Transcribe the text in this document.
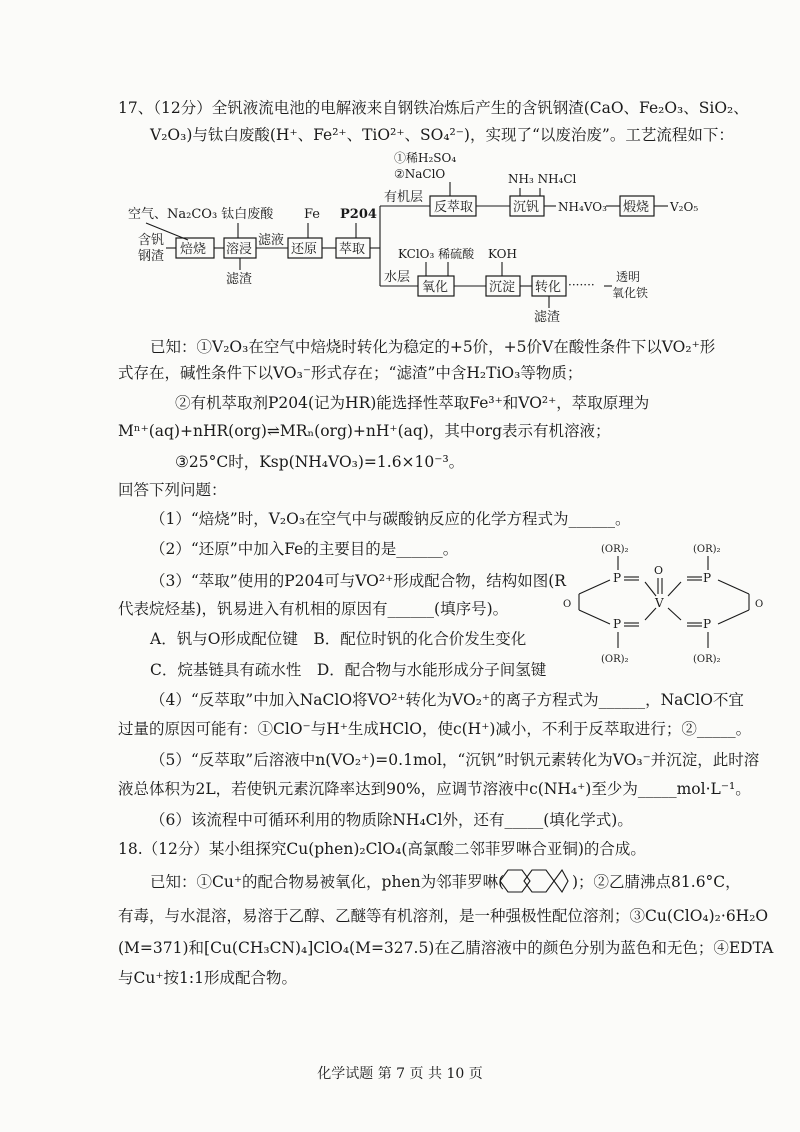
17、（12分）全钒液流电池的电解液来自钢铁冶炼后产生的含钒钢渣(CaO、Fe₂O₃、SiO₂、
V₂O₃)与钛白废酸(H⁺、Fe²⁺、TiO²⁺、SO₄²⁻)，实现了“以废治废”。工艺流程如下：
空气、Na₂CO₃ 钛白废酸 Fe P204
含钒
钢渣 焙烧 溶浸
滤液
还原 萃取
滤渣
有机层
水层
①稀H₂SO₄
②NaClO
反萃取
NH₃ NH₄Cl
沉钒 NH₄VO₃ 煅烧 V₂O₅
KClO₃ 稀硫酸
氧化
KOH
沉淀 转化 ·······
透明
氧化铁
滤渣
已知：①V₂O₃在空气中焙烧时转化为稳定的+5价，+5价V在酸性条件下以VO₂⁺形
式存在，碱性条件下以VO₃⁻形式存在；“滤渣”中含H₂TiO₃等物质；
②有机萃取剂P204(记为HR)能选择性萃取Fe³⁺和VO²⁺，萃取原理为
Mⁿ⁺(aq)+nHR(org)⇌MRₙ(org)+nH⁺(aq)，其中org表示有机溶液；
③25°C时，Ksp(NH₄VO₃)=1.6×10⁻³。
回答下列问题：
（1）“焙烧”时，V₂O₃在空气中与碳酸钠反应的化学方程式为______。
（2）“还原”中加入Fe的主要目的是______。
（3）“萃取”使用的P204可与VO²⁺形成配合物，结构如图(R
代表烷烃基)，钒易进入有机相的原因有______(填序号)。
A．钒与O形成配位键　B．配位时钒的化合价发生变化
C．烷基链具有疏水性　D．配合物与水能形成分子间氢键
(OR)₂	(OR)₂
(OR)₂	(OR)₂
P	P
P	P
V
O
O	O
（4）“反萃取”中加入NaClO将VO²⁺转化为VO₂⁺的离子方程式为______，NaClO不宜
过量的原因可能有：①ClO⁻与H⁺生成HClO，使c(H⁺)减小，不利于反萃取进行；②_____。
（5）“反萃取”后溶液中n(VO₂⁺)=0.1mol，“沉钒”时钒元素转化为VO₃⁻并沉淀，此时溶
液总体积为2L，若使钒元素沉降率达到90%，应调节溶液中c(NH₄⁺)至少为_____mol·L⁻¹。
（6）该流程中可循环利用的物质除NH₄Cl外，还有_____(填化学式)。
18.（12分）某小组探究Cu(phen)₂ClO₄(高氯酸二邻菲罗啉合亚铜)的合成。
已知：①Cu⁺的配合物易被氧化，phen为邻菲罗啉(	)；②乙腈沸点81.6°C，
有毒，与水混溶，易溶于乙醇、乙醚等有机溶剂，是一种强极性配位溶剂；③Cu(ClO₄)₂·6H₂O
(M=371)和[Cu(CH₃CN)₄]ClO₄(M=327.5)在乙腈溶液中的颜色分别为蓝色和无色；④EDTA
与Cu⁺按1:1形成配合物。
化学试题 第 7 页 共 10 页
